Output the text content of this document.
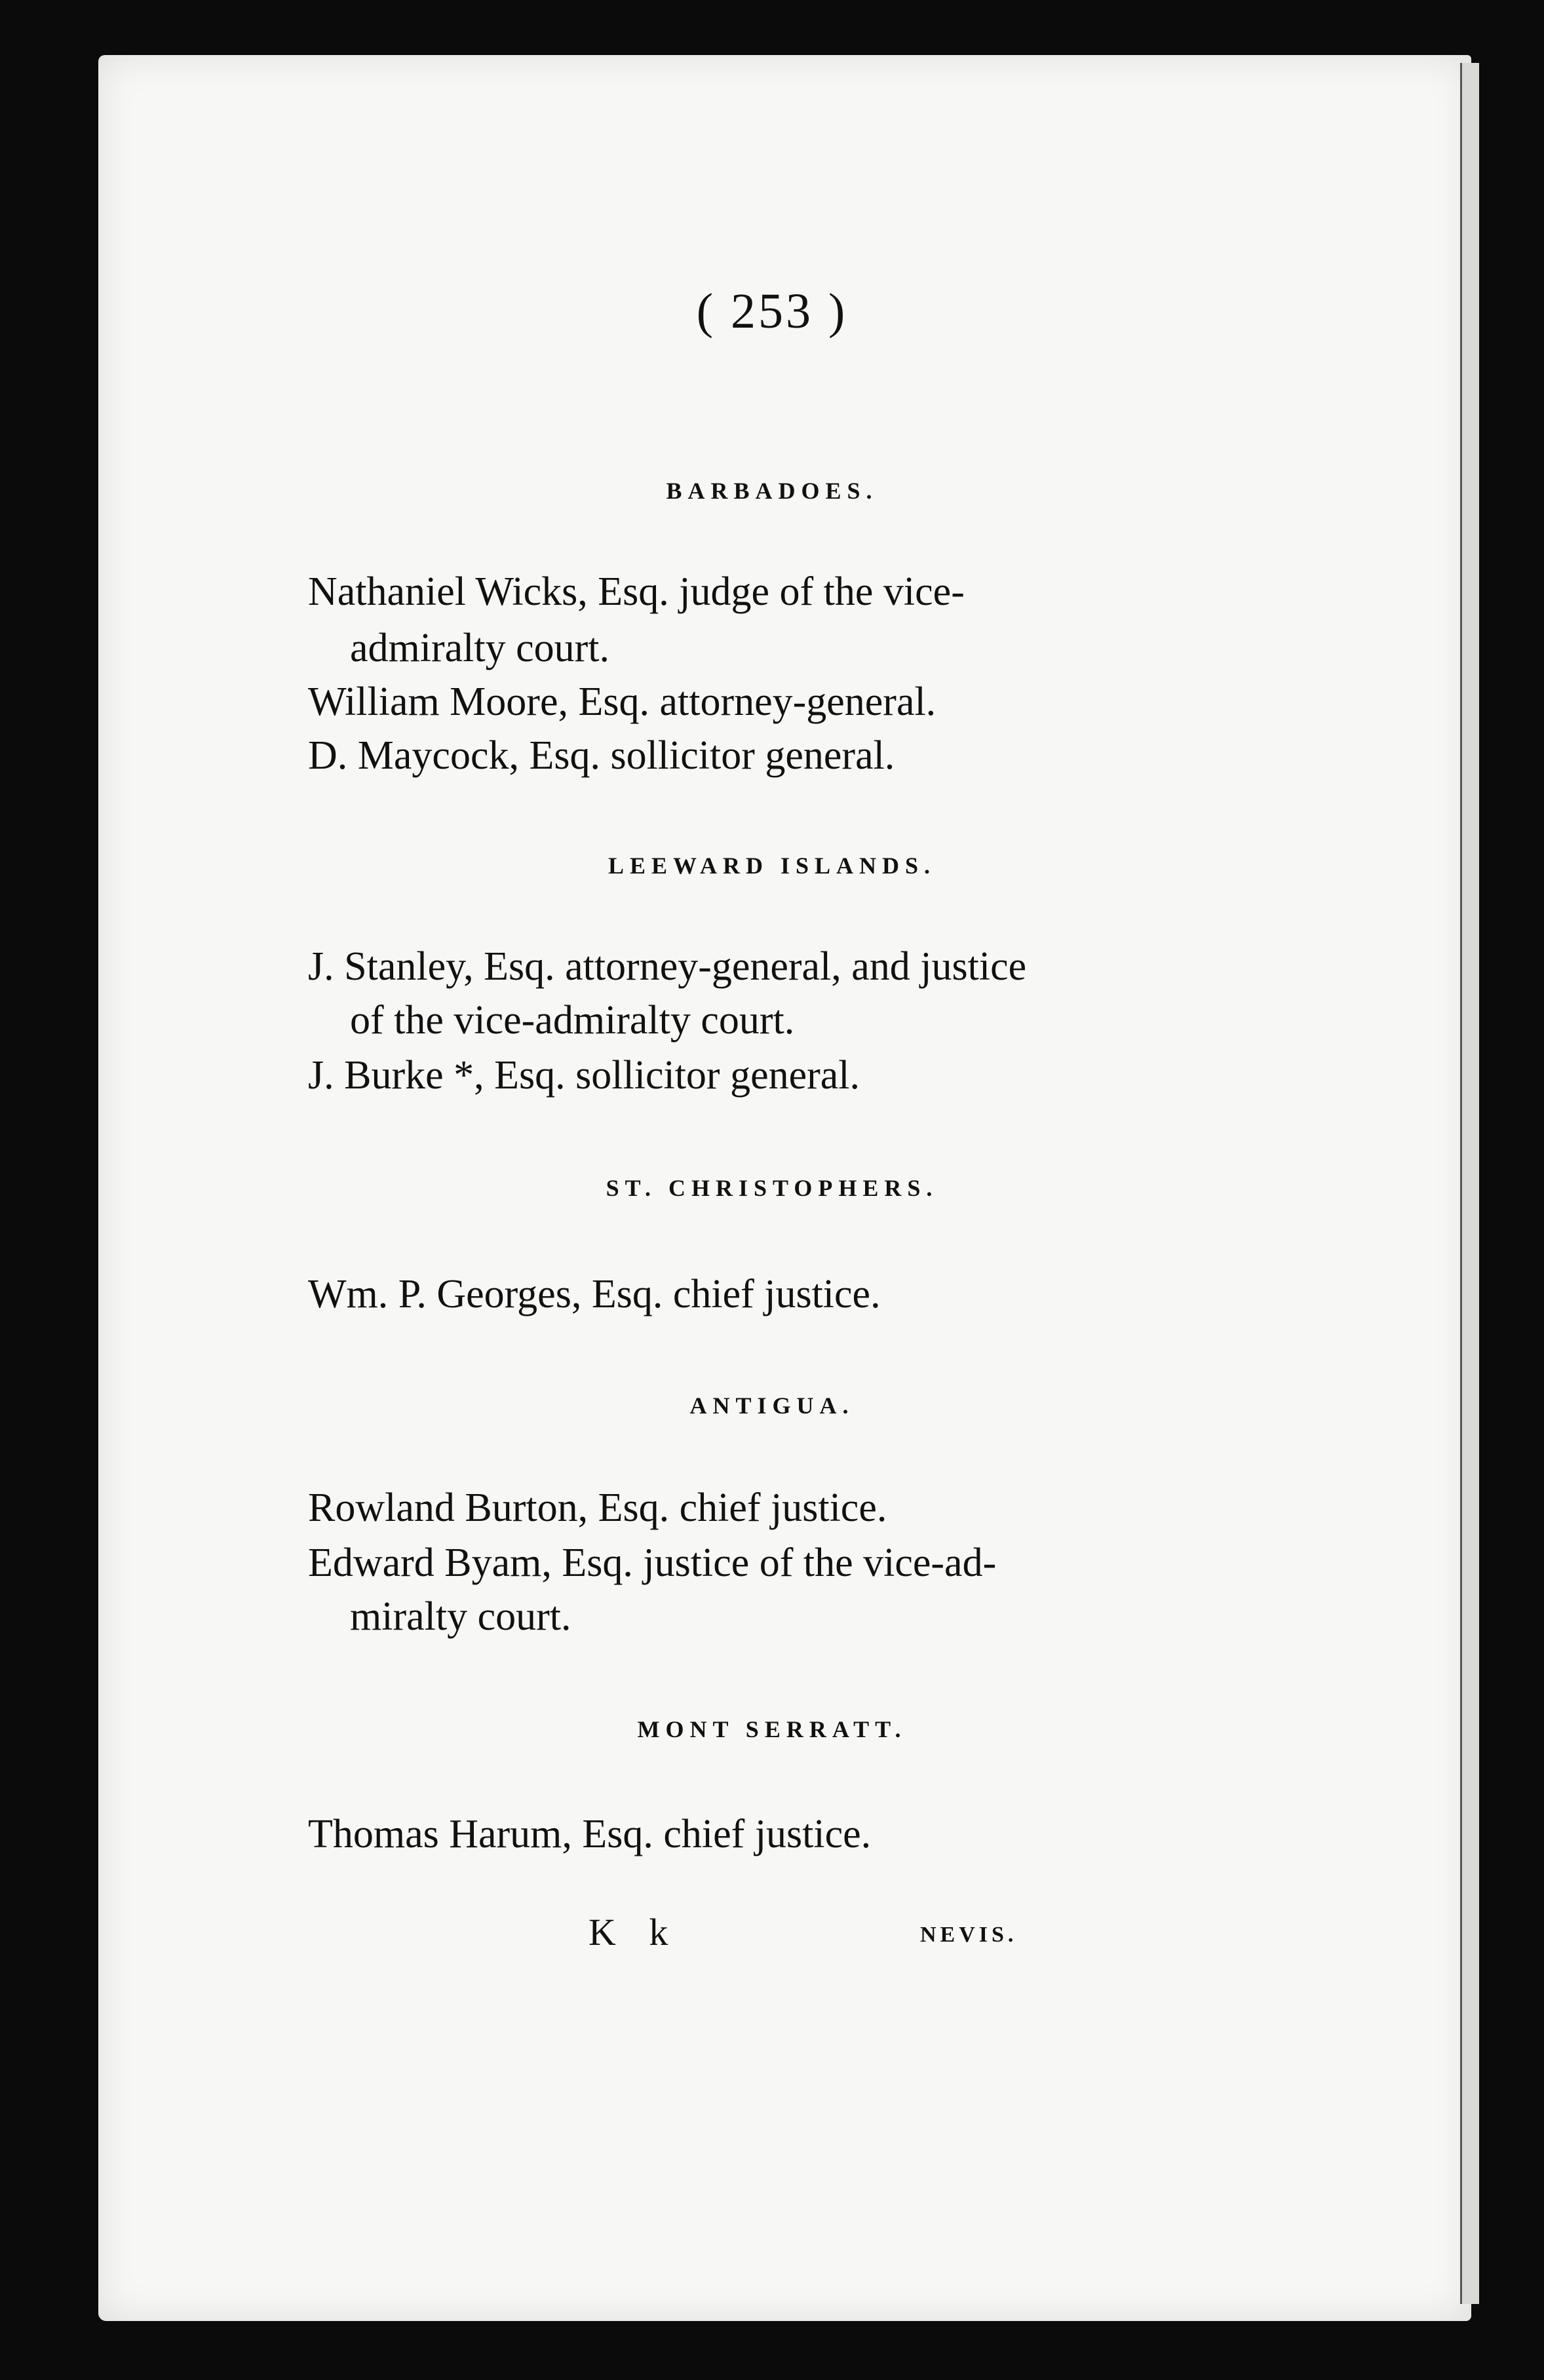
( 253 )
BARBADOES.
Nathaniel Wicks, Esq. judge of the vice-
admiralty court.
William Moore, Esq. attorney-general.
D. Maycock, Esq. sollicitor general.
LEEWARD ISLANDS.
J. Stanley, Esq. attorney-general, and justice
of the vice-admiralty court.
J. Burke *, Esq. sollicitor general.
ST. CHRISTOPHERS.
Wm. P. Georges, Esq. chief justice.
ANTIGUA.
Rowland Burton, Esq. chief justice.
Edward Byam, Esq. justice of the vice-ad-
miralty court.
MONT SERRATT.
Thomas Harum, Esq. chief justice.
K k	NEVIS.
